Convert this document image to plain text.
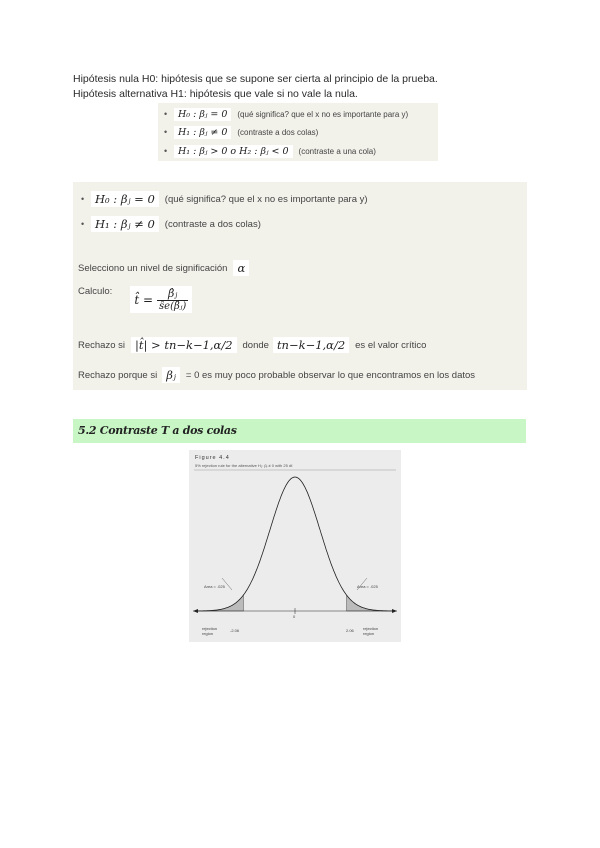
Hipótesis nula H0: hipótesis que se supone ser cierta al principio de la prueba.
Hipótesis alternativa H1: hipótesis que vale si no vale la nula.
•	H₀ : βⱼ = 0	(qué significa? que el x no es importante para y)
•	H₁ : βⱼ ≠ 0	(contraste a dos colas)
•	H₁ : βⱼ > 0 o H₂ : βⱼ < 0	(contraste a una cola)
• H₀ : βⱼ = 0	(qué significa? que el x no es importante para y)
• H₁ : βⱼ ≠ 0	(contraste a dos colas)
Selecciono un nivel de significación α
Calculo:
t̂ = $\frac{\text{β̂ⱼ}}{\text{ŝe(β̂ⱼ)}}$
Rechazo si |t̂| > tn−k−1,α/2	donde tn−k−1,α/2	es el valor crítico
Rechazo porque si βⱼ	= 0 es muy poco probable observar lo que encontramos en los datos
5.2 Contraste T a dos colas
Figure 4.4
5% rejection rule for the alternative H₁: βⱼ ≠ 0 with 25 df.
Area = .025	Area = .025
0
-2.06	2.06
rejection region
rejection region
